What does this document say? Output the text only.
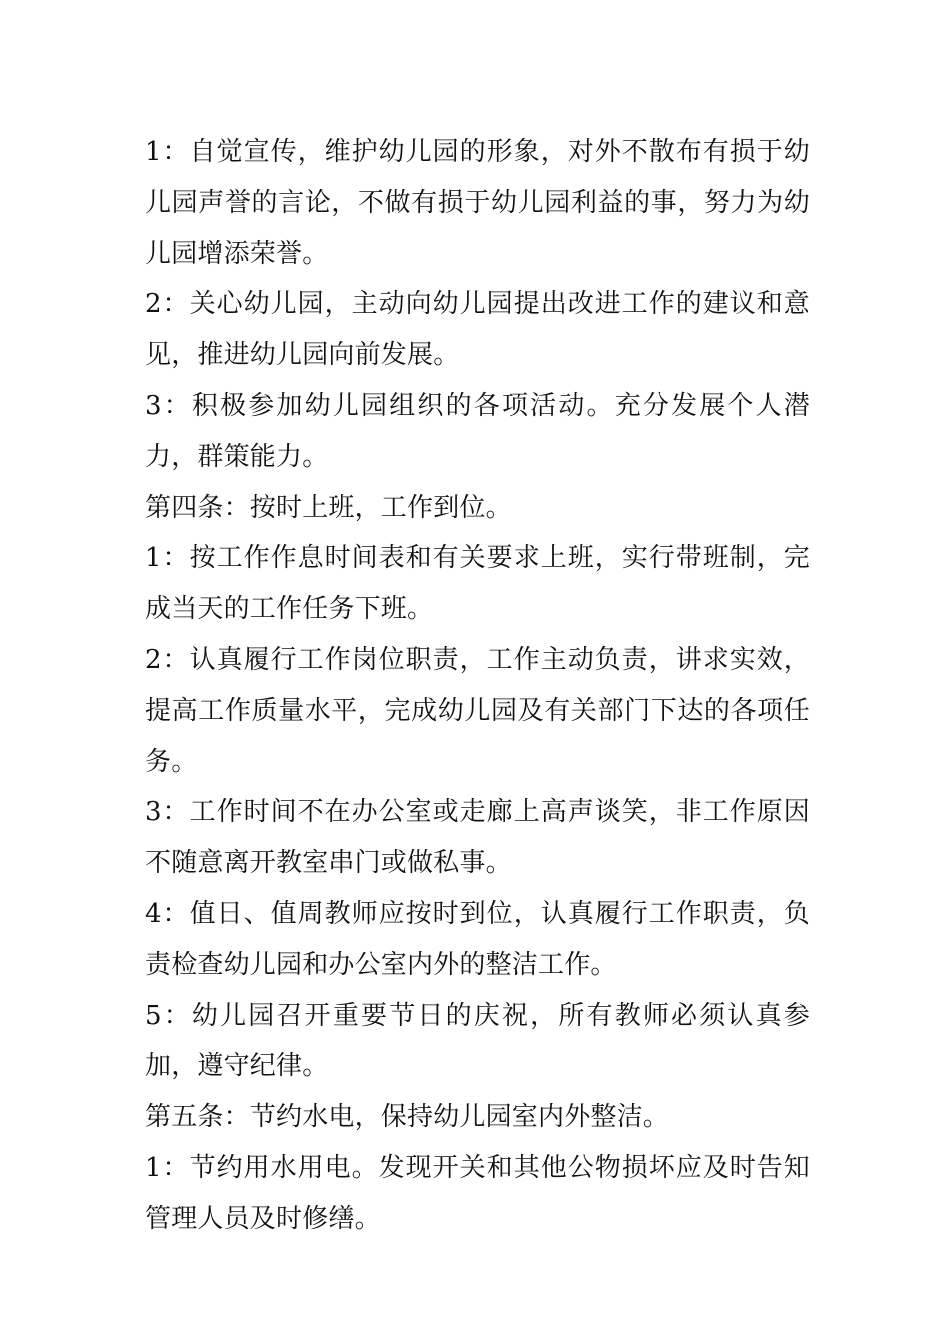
1：自觉宣传，维护幼儿园的形象，对外不散布有损于幼儿园声誉的言论，不做有损于幼儿园利益的事，努力为幼儿园增添荣誉。

2：关心幼儿园，主动向幼儿园提出改进工作的建议和意见，推进幼儿园向前发展。

3：积极参加幼儿园组织的各项活动。充分发展个人潜力，群策能力。

第四条：按时上班，工作到位。

1：按工作作息时间表和有关要求上班，实行带班制，完成当天的工作任务下班。

2：认真履行工作岗位职责，工作主动负责，讲求实效，提高工作质量水平，完成幼儿园及有关部门下达的各项任务。

3：工作时间不在办公室或走廊上高声谈笑，非工作原因不随意离开教室串门或做私事。

4：值日、值周教师应按时到位，认真履行工作职责，负责检查幼儿园和办公室内外的整洁工作。

5：幼儿园召开重要节日的庆祝，所有教师必须认真参加，遵守纪律。

第五条：节约水电，保持幼儿园室内外整洁。

1：节约用水用电。发现开关和其他公物损坏应及时告知管理人员及时修缮。
